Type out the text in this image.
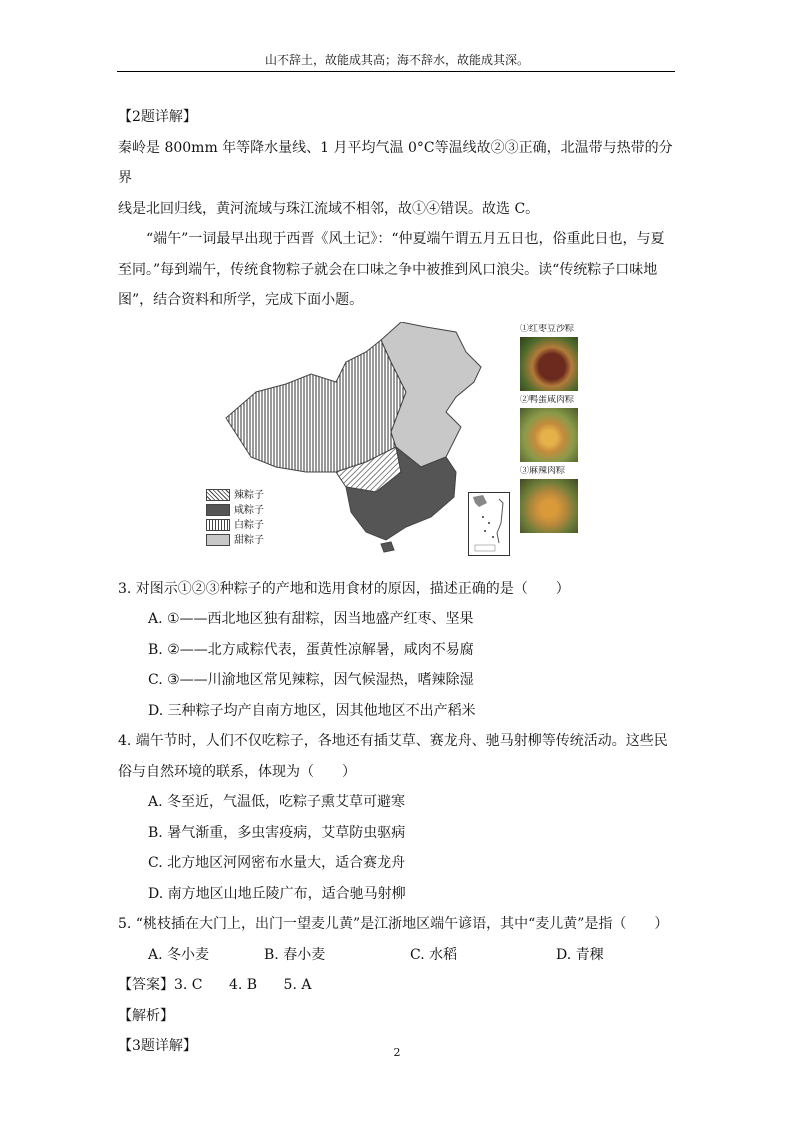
山不辞土，故能成其高；海不辞水，故能成其深。

【2题详解】

秦岭是 800mm 年等降水量线、1 月平均气温 0°C等温线故②③正确，北温带与热带的分界

线是北回归线，黄河流域与珠江流域不相邻，故①④错误。故选 C。

“端午”一词最早出现于西晋《风土记》：“仲夏端午谓五月五日也，俗重此日也，与夏

至同。”每到端午，传统食物粽子就会在口味之争中被推到风口浪尖。读“传统粽子口味地

图”，结合资料和所学，完成下面小题。

辣粽子
咸粽子
白粽子
甜粽子
①红枣豆沙粽
②鸭蛋咸肉粽
③麻辣肉粽

3. 对图示①②③种粽子的产地和选用食材的原因，描述正确的是（　　）

A. ①——西北地区独有甜粽，因当地盛产红枣、坚果

B. ②——北方咸粽代表，蛋黄性凉解暑，咸肉不易腐

C. ③——川渝地区常见辣粽，因气候湿热，嗜辣除湿

D. 三种粽子均产自南方地区，因其他地区不出产稻米

4. 端午节时，人们不仅吃粽子，各地还有插艾草、赛龙舟、驰马射柳等传统活动。这些民

俗与自然环境的联系，体现为（　　）

A. 冬至近，气温低，吃粽子熏艾草可避寒

B. 暑气渐重，多虫害疫病，艾草防虫驱病

C. 北方地区河网密布水量大，适合赛龙舟

D. 南方地区山地丘陵广布，适合驰马射柳

5. “桃枝插在大门上，出门一望麦儿黄”是江浙地区端午谚语，其中“麦儿黄”是指（　　）

A. 冬小麦	B. 春小麦	C. 水稻	D. 青稞

【答案】3. C 4. B 5. A

【解析】

【3题详解】	2
